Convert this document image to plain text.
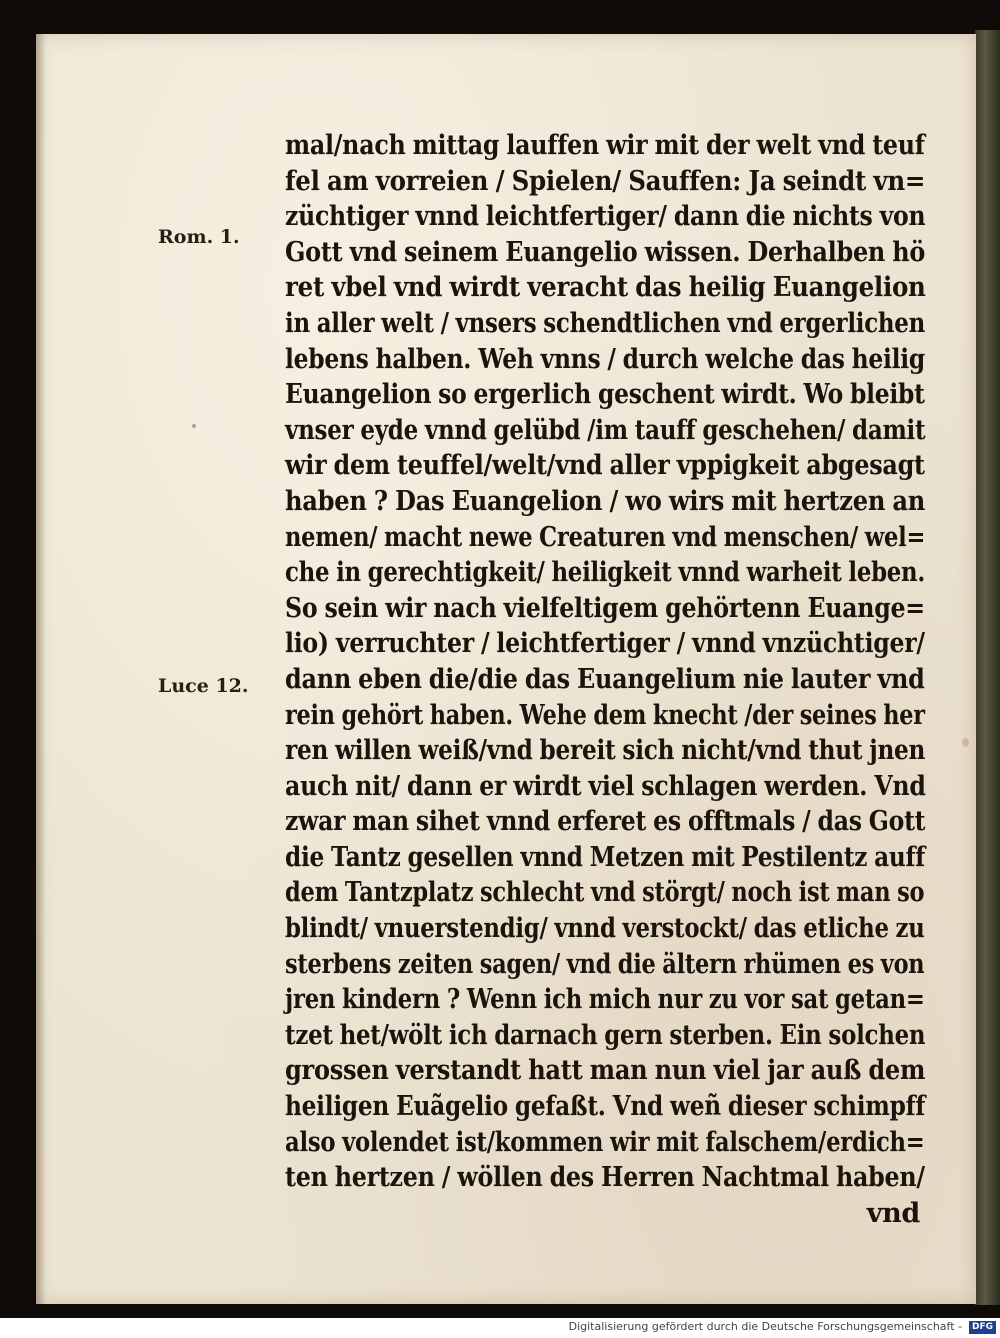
Rom. 1.
Luce 12.
mal/nach mittag lauffen wir mit der welt vnd teuf
fel am vorreien / Spielen/ Sauffen: Ja seindt vn=
züchtiger vnnd leichtfertiger/ dann die nichts von
Gott vnd seinem Euangelio wissen. Derhalben hö
ret vbel vnd wirdt veracht das heilig Euangelion
in aller welt / vnsers schendtlichen vnd ergerlichen
lebens halben. Weh vnns / durch welche das heilig
Euangelion so ergerlich geschent wirdt. Wo bleibt
vnser eyde vnnd gelübd /im tauff geschehen/ damit
wir dem teuffel/welt/vnd aller vppigkeit abgesagt
haben ? Das Euangelion / wo wirs mit hertzen an
nemen/ macht newe Creaturen vnd menschen/ wel=
che in gerechtigkeit/ heiligkeit vnnd warheit leben.
So sein wir nach vielfeltigem gehörtenn Euange=
lio) verruchter / leichtfertiger / vnnd vnzüchtiger/
dann eben die/die das Euangelium nie lauter vnd
rein gehört haben. Wehe dem knecht /der seines her
ren willen weiß/vnd bereit sich nicht/vnd thut jnen
auch nit/ dann er wirdt viel schlagen werden. Vnd
zwar man sihet vnnd erferet es offtmals / das Gott
die Tantz gesellen vnnd Metzen mit Pestilentz auff
dem Tantzplatz schlecht vnd störgt/ noch ist man so
blindt/ vnuerstendig/ vnnd verstockt/ das etliche zu
sterbens zeiten sagen/ vnd die ältern rhümen es von
jren kindern ? Wenn ich mich nur zu vor sat getan=
tzet het/wölt ich darnach gern sterben. Ein solchen
grossen verstandt hatt man nun viel jar auß dem
heiligen Euãgelio gefaßt. Vnd weñ dieser schimpff
also volendet ist/kommen wir mit falschem/erdich=
ten hertzen / wöllen des Herren Nachtmal haben/
vnd
Digitalisierung gefördert durch die Deutsche Forschungsgemeinschaft -	DFG
